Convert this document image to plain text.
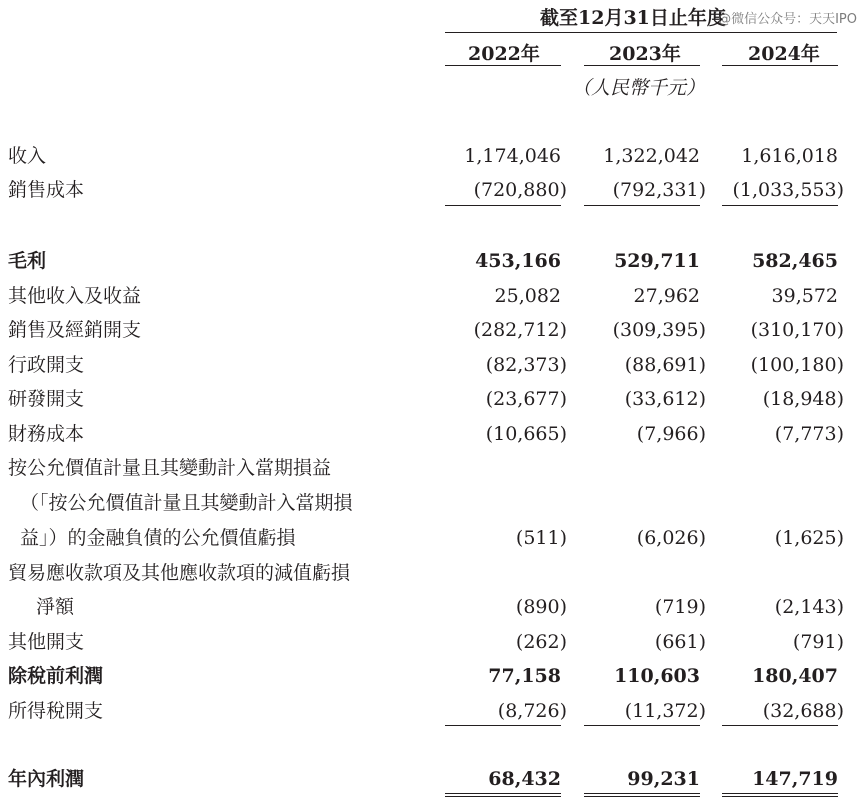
截至12月31日止年度
2022年	2023年	2024年
（人民幣千元）
@微信公众号：天天IPO
收入	1,174,046 1,322,042 1,616,018
銷售成本	(720,880) (792,331) (1,033,553)
毛利	453,166	529,711	582,465
其他收入及收益	25,082	27,962	39,572
銷售及經銷開支	(282,712) (309,395) (310,170)
行政開支	(82,373)	(88,691) (100,180)
研發開支	(23,677)	(33,612)	(18,948)
財務成本	(10,665)	(7,966)	(7,773)
按公允價值計量且其變動計入當期損益
（「按公允價值計量且其變動計入當期損
益」）的金融負債的公允價值虧損	(511)	(6,026)	(1,625)
貿易應收款項及其他應收款項的減值虧損
淨額	(890)	(719)	(2,143)
其他開支	(262)	(661)	(791)
除稅前利潤	77,158	110,603	180,407
所得稅開支	(8,726)	(11,372)	(32,688)
年內利潤	68,432	99,231	147,719
